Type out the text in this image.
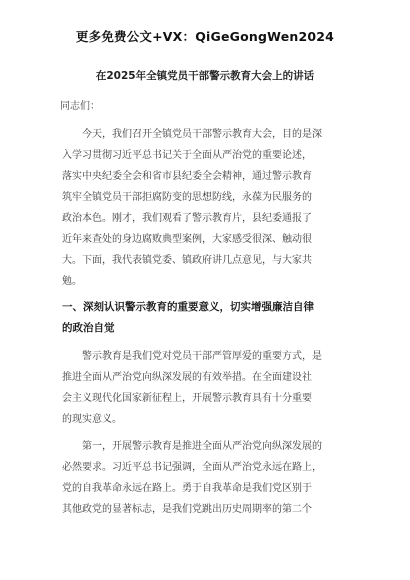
更多免费公文+VX：QiGeGongWen2024
在2025年全镇党员干部警示教育大会上的讲话
同志们：
今天，我们召开全镇党员干部警示教育大会，目的是深
入学习贯彻习近平总书记关于全面从严治党的重要论述，
落实中央纪委全会和省市县纪委全会精神，通过警示教育
筑牢全镇党员干部拒腐防变的思想防线，永葆为民服务的
政治本色。刚才，我们观看了警示教育片，县纪委通报了
近年来查处的身边腐败典型案例，大家感受很深、触动很
大。下面，我代表镇党委、镇政府讲几点意见，与大家共
勉。
一、深刻认识警示教育的重要意义，切实增强廉洁自律
的政治自觉
警示教育是我们党对党员干部严管厚爱的重要方式，是
推进全面从严治党向纵深发展的有效举措。在全面建设社
会主义现代化国家新征程上，开展警示教育具有十分重要
的现实意义。
第一，开展警示教育是推进全面从严治党向纵深发展的
必然要求。习近平总书记强调，全面从严治党永远在路上，
党的自我革命永远在路上。勇于自我革命是我们党区别于
其他政党的显著标志，是我们党跳出历史周期率的第二个
